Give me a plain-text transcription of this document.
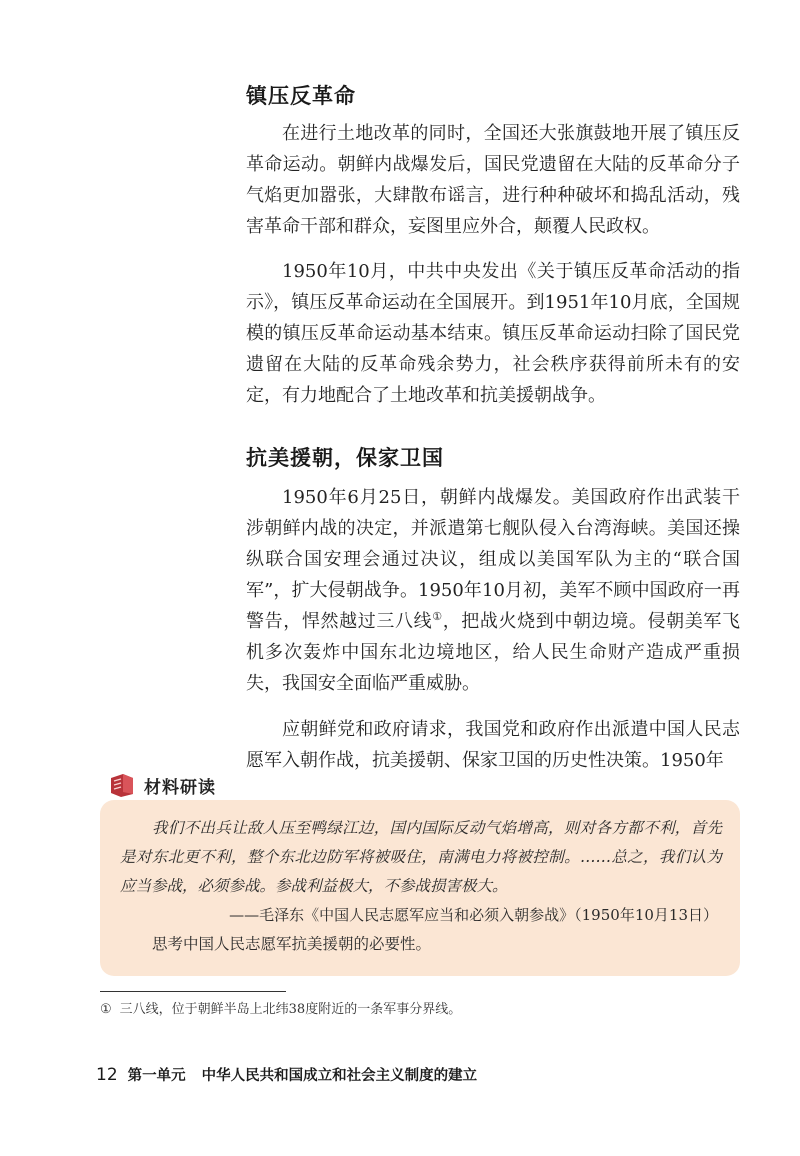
镇压反革命

在进行土地改革的同时，全国还大张旗鼓地开展了镇压反革命运动。朝鲜内战爆发后，国民党遗留在大陆的反革命分子气焰更加嚣张，大肆散布谣言，进行种种破坏和捣乱活动，残害革命干部和群众，妄图里应外合，颠覆人民政权。

1950年10月，中共中央发出《关于镇压反革命活动的指示》，镇压反革命运动在全国展开。到1951年10月底，全国规模的镇压反革命运动基本结束。镇压反革命运动扫除了国民党遗留在大陆的反革命残余势力，社会秩序获得前所未有的安定，有力地配合了土地改革和抗美援朝战争。

抗美援朝，保家卫国

1950年6月25日，朝鲜内战爆发。美国政府作出武装干涉朝鲜内战的决定，并派遣第七舰队侵入台湾海峡。美国还操纵联合国安理会通过决议，组成以美国军队为主的“联合国军”，扩大侵朝战争。1950年10月初，美军不顾中国政府一再警告，悍然越过三八线①，把战火烧到中朝边境。侵朝美军飞机多次轰炸中国东北边境地区，给人民生命财产造成严重损失，我国安全面临严重威胁。

应朝鲜党和政府请求，我国党和政府作出派遣中国人民志愿军入朝作战，抗美援朝、保家卫国的历史性决策。1950年

材料研读

我们不出兵让敌人压至鸭绿江边，国内国际反动气焰增高，则对各方都不利，首先是对东北更不利，整个东北边防军将被吸住，南满电力将被控制。……总之，我们认为应当参战，必须参战。参战利益极大，不参战损害极大。

——毛泽东《中国人民志愿军应当和必须入朝参战》（1950年10月13日）

思考中国人民志愿军抗美援朝的必要性。

① 三八线，位于朝鲜半岛上北纬38度附近的一条军事分界线。
12 第一单元 中华人民共和国成立和社会主义制度的建立
